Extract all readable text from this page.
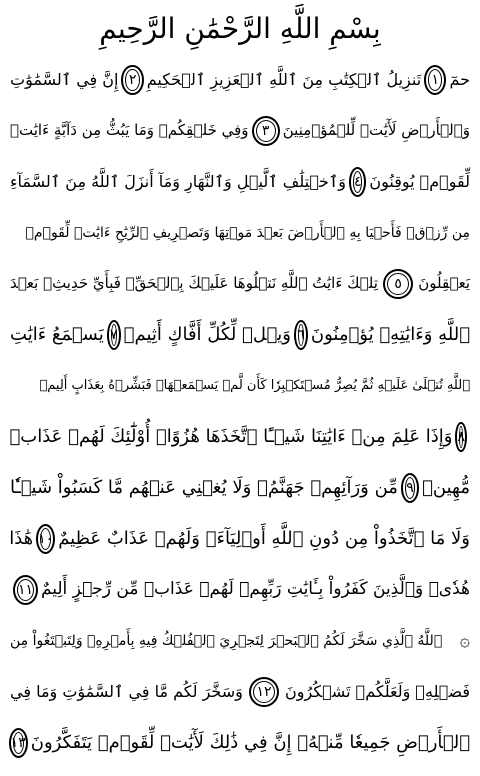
بِسْمِ اللَّهِ الرَّحْمَٰنِ الرَّحِيمِ
حمٓ
١
تَنزِيلُ ٱلۡكِتَٰبِ مِنَ ٱللَّهِ ٱلۡعَزِيزِ ٱلۡحَكِيمِ
٢
إِنَّ فِي ٱلسَّمَٰوَٰتِ
وَٱلۡأَرۡضِ لَأٓيَٰتٖ لِّلۡمُؤۡمِنِينَ
٣
وَفِي خَلۡقِكُمۡ وَمَا يَبُثُّ مِن دَآبَّةٍ ءَايَٰتٞ
لِّقَوۡمٖ يُوقِنُونَ
٤
وَٱخۡتِلَٰفِ ٱلَّيۡلِ وَٱلنَّهَارِ وَمَآ أَنزَلَ ٱللَّهُ مِنَ ٱلسَّمَآءِ
مِن رِّزۡقٖ فَأَحۡيَا بِهِ ٱلۡأَرۡضَ بَعۡدَ مَوۡتِهَا وَتَصۡرِيفِ ٱلرِّيَٰحِ ءَايَٰتٞ لِّقَوۡمٖ
يَعۡقِلُونَ
٥
تِلۡكَ ءَايَٰتُ ٱللَّهِ نَتۡلُوهَا عَلَيۡكَ بِٱلۡحَقِّۖ فَبِأَيِّ حَدِيثِۭ بَعۡدَ
ٱللَّهِ وَءَايَٰتِهِۦ يُؤۡمِنُونَ
٦
وَيۡلٞ لِّكُلِّ أَفَّاكٍ أَثِيمٖ
٧
يَسۡمَعُ ءَايَٰتِ
ٱللَّهِ تُتۡلَىٰ عَلَيۡهِ ثُمَّ يُصِرُّ مُسۡتَكۡبِرٗا كَأَن لَّمۡ يَسۡمَعۡهَاۖ فَبَشِّرۡهُ بِعَذَابٍ أَلِيمٖ
٨
وَإِذَا عَلِمَ مِنۡ ءَايَٰتِنَا شَيۡـًٔا ٱتَّخَذَهَا هُزُوًاۚ أُوْلَٰٓئِكَ لَهُمۡ عَذَابٞ
مُّهِينٞ
٩
مِّن وَرَآئِهِمۡ جَهَنَّمُۖ وَلَا يُغۡنِي عَنۡهُم مَّا كَسَبُواْ شَيۡـٔٗا
وَلَا مَا ٱتَّخَذُواْ مِن دُونِ ٱللَّهِ أَوۡلِيَآءَۖ وَلَهُمۡ عَذَابٌ عَظِيمٌ
١٠
هَٰذَا
هُدٗىۖ وَٱلَّذِينَ كَفَرُواْ بِـَٔايَٰتِ رَبِّهِمۡ لَهُمۡ عَذَابٞ مِّن رِّجۡزٍ أَلِيمٌ
١١
۞
ٱللَّهُ ٱلَّذِي سَخَّرَ لَكُمُ ٱلۡبَحۡرَ لِتَجۡرِيَ ٱلۡفُلۡكُ فِيهِ بِأَمۡرِهِۦ وَلِتَبۡتَغُواْ مِن
فَضۡلِهِۦ وَلَعَلَّكُمۡ تَشۡكُرُونَ
١٢
وَسَخَّرَ لَكُم مَّا فِي ٱلسَّمَٰوَٰتِ وَمَا فِي
ٱلۡأَرۡضِ جَمِيعٗا مِّنۡهُۚ إِنَّ فِي ذَٰلِكَ لَأٓيَٰتٖ لِّقَوۡمٖ يَتَفَكَّرُونَ
١٣
